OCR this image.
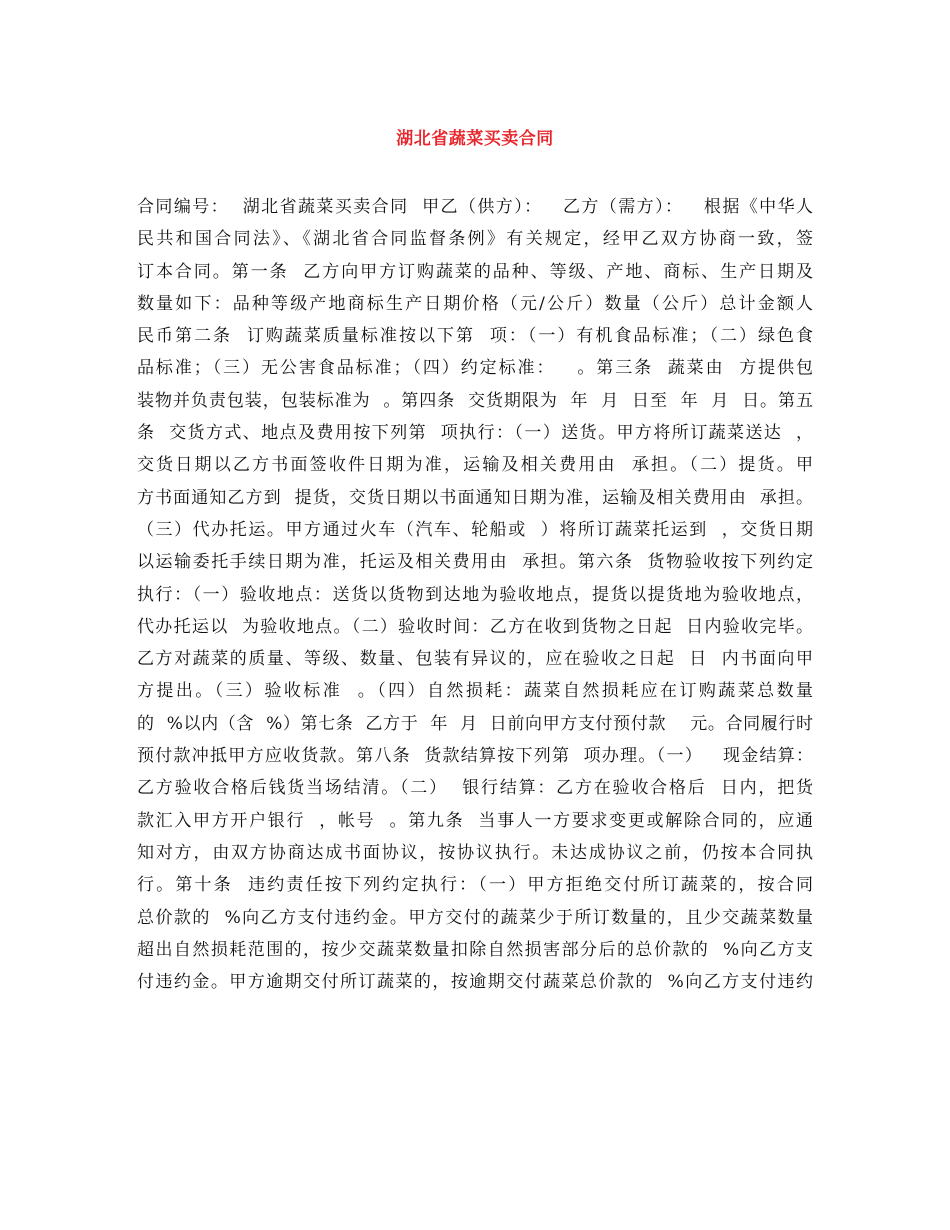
湖北省蔬菜买卖合同
合同编号：  湖北省蔬菜买卖合同  甲乙（供方）：   乙方（需方）：   根据《中华人
民共和国合同法》、《湖北省合同监督条例》有关规定，经甲乙双方协商一致，签
订本合同。第一条  乙方向甲方订购蔬菜的品种、等级、产地、商标、生产日期及
数量如下：品种等级产地商标生产日期价格（元/公斤）数量（公斤）总计金额人
民币第二条  订购蔬菜质量标准按以下第  项：（一）有机食品标准；（二）绿色食
品标准；（三）无公害食品标准；（四）约定标准：   。第三条  蔬菜由  方提供包
装物并负责包装，包装标准为  。第四条  交货期限为  年  月  日至  年  月  日。第五
条  交货方式、地点及费用按下列第  项执行：（一）送货。甲方将所订蔬菜送达  ，
交货日期以乙方书面签收件日期为准，运输及相关费用由  承担。（二）提货。甲
方书面通知乙方到  提货，交货日期以书面通知日期为准，运输及相关费用由  承担。
（三）代办托运。甲方通过火车（汽车、轮船或  ）将所订蔬菜托运到  ，交货日期
以运输委托手续日期为准，托运及相关费用由  承担。第六条  货物验收按下列约定
执行：（一）验收地点：送货以货物到达地为验收地点，提货以提货地为验收地点，
代办托运以  为验收地点。（二）验收时间：乙方在收到货物之日起  日内验收完毕。
乙方对蔬菜的质量、等级、数量、包装有异议的，应在验收之日起  日  内书面向甲
方提出。（三）验收标准  。（四）自然损耗：蔬菜自然损耗应在订购蔬菜总数量
的  %以内（含  %）第七条  乙方于  年  月  日前向甲方支付预付款    元。合同履行时
预付款冲抵甲方应收货款。第八条  货款结算按下列第  项办理。（一）   现金结算：
乙方验收合格后钱货当场结清。（二）  银行结算：乙方在验收合格后  日内，把货
款汇入甲方开户银行  ，帐号  。第九条  当事人一方要求变更或解除合同的，应通
知对方，由双方协商达成书面协议，按协议执行。未达成协议之前，仍按本合同执
行。第十条  违约责任按下列约定执行：（一）甲方拒绝交付所订蔬菜的，按合同
总价款的  %向乙方支付违约金。甲方交付的蔬菜少于所订数量的，且少交蔬菜数量
超出自然损耗范围的，按少交蔬菜数量扣除自然损害部分后的总价款的  %向乙方支
付违约金。甲方逾期交付所订蔬菜的，按逾期交付蔬菜总价款的  %向乙方支付违约
